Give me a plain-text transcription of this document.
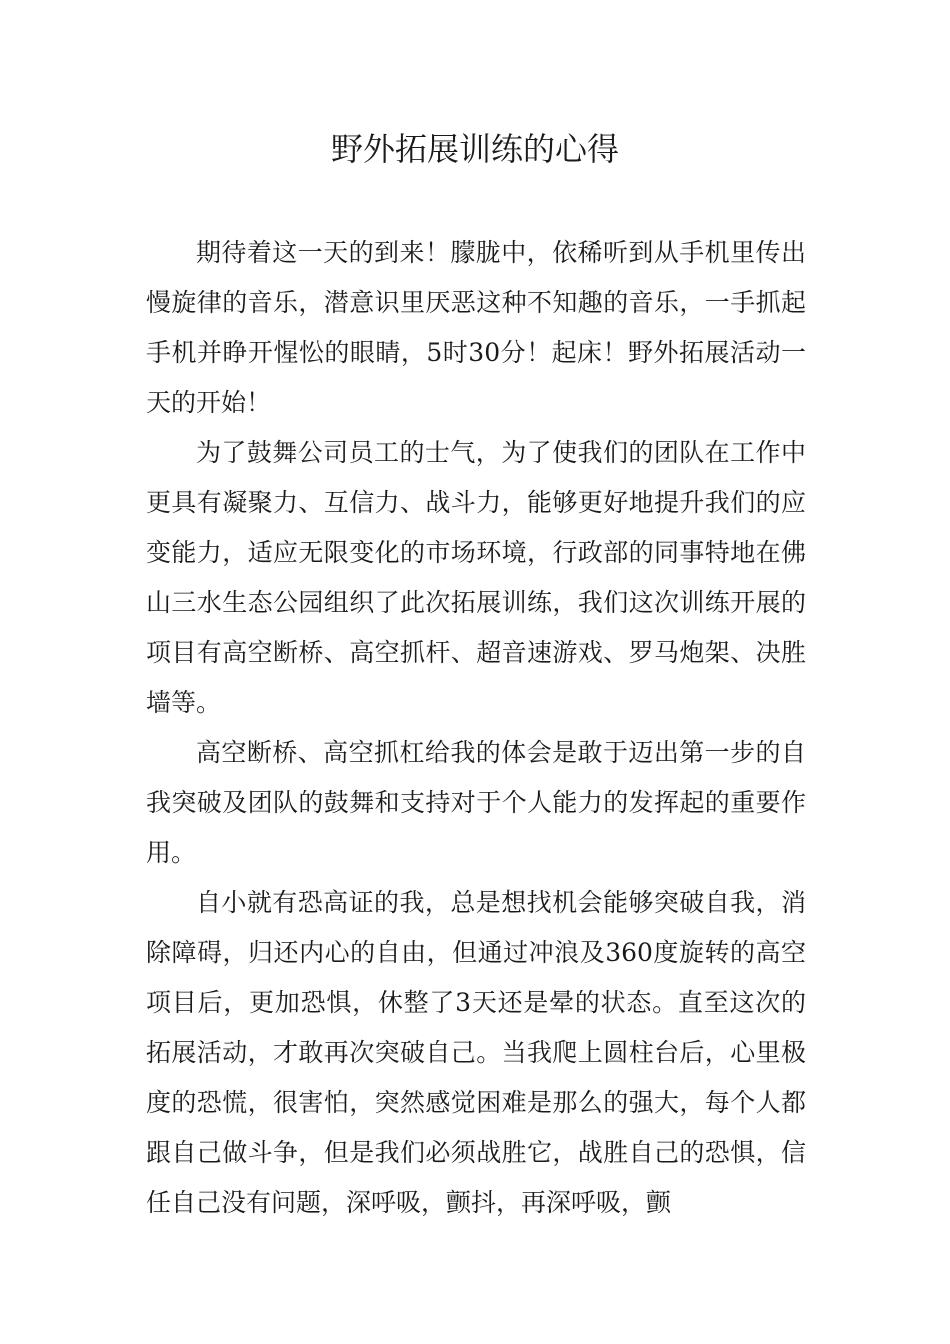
野外拓展训练的心得

期待着这一天的到来！朦胧中，依稀听到从手机里传出慢旋律的音乐，潜意识里厌恶这种不知趣的音乐，一手抓起手机并睁开惺忪的眼睛，5时30分！起床！野外拓展活动一天的开始！

为了鼓舞公司员工的士气，为了使我们的团队在工作中更具有凝聚力、互信力、战斗力，能够更好地提升我们的应变能力，适应无限变化的市场环境，行政部的同事特地在佛山三水生态公园组织了此次拓展训练，我们这次训练开展的项目有高空断桥、高空抓杆、超音速游戏、罗马炮架、决胜墙等。

高空断桥、高空抓杠给我的体会是敢于迈出第一步的自我突破及团队的鼓舞和支持对于个人能力的发挥起的重要作用。

自小就有恐高证的我，总是想找机会能够突破自我，消除障碍，归还内心的自由，但通过冲浪及360度旋转的高空项目后，更加恐惧，休整了3天还是晕的状态。直至这次的拓展活动，才敢再次突破自己。当我爬上圆柱台后，心里极度的恐慌，很害怕，突然感觉困难是那么的强大，每个人都跟自己做斗争，但是我们必须战胜它，战胜自己的恐惧，信任自己没有问题，深呼吸，颤抖，再深呼吸，颤
